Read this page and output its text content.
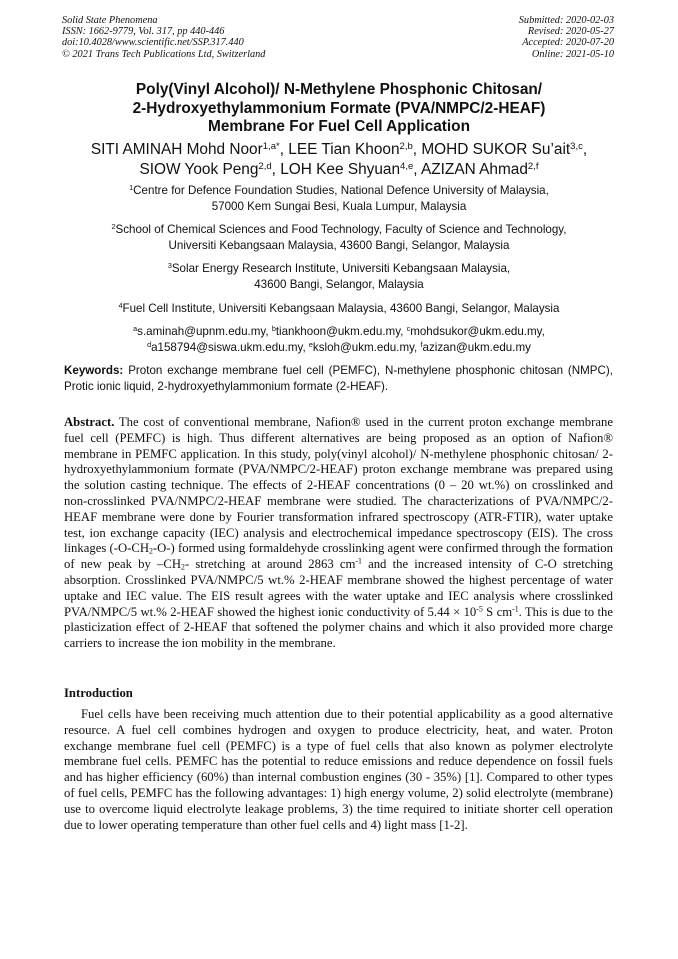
Solid State Phenomena
ISSN: 1662-9779, Vol. 317, pp 440-446
doi:10.4028/www.scientific.net/SSP.317.440
© 2021 Trans Tech Publications Ltd, Switzerland
Submitted: 2020-02-03
Revised: 2020-05-27
Accepted: 2020-07-20
Online: 2021-05-10
Poly(Vinyl Alcohol)/ N-Methylene Phosphonic Chitosan/
2-Hydroxyethylammonium Formate (PVA/NMPC/2-HEAF)
Membrane For Fuel Cell Application
SITI AMINAH Mohd Noor$^{1,a*}$, LEE Tian Khoon$^{2,b}$, MOHD SUKOR Su’ait$^{3,c}$,
SIOW Yook Peng$^{2,d}$, LOH Kee Shyuan$^{4,e}$, AZIZAN Ahmad$^{2,f}$
$^1$Centre for Defence Foundation Studies, National Defence University of Malaysia,
57000 Kem Sungai Besi, Kuala Lumpur, Malaysia
$^2$School of Chemical Sciences and Food Technology, Faculty of Science and Technology,
Universiti Kebangsaan Malaysia, 43600 Bangi, Selangor, Malaysia
$^3$Solar Energy Research Institute, Universiti Kebangsaan Malaysia,
43600 Bangi, Selangor, Malaysia
$^4$Fuel Cell Institute, Universiti Kebangsaan Malaysia, 43600 Bangi, Selangor, Malaysia
$^a$s.aminah@upnm.edu.my, $^b$tiankhoon@ukm.edu.my, $^c$mohdsukor@ukm.edu.my,
$^d$a158794@siswa.ukm.edu.my, $^e$ksloh@ukm.edu.my, $^f$azizan@ukm.edu.my
Keywords: Proton exchange membrane fuel cell (PEMFC), N-methylene phosphonic chitosan (NMPC), Protic ionic liquid, 2-hydroxyethylammonium formate (2-HEAF).
Abstract. The cost of conventional membrane, Nafion® used in the current proton exchange membrane fuel cell (PEMFC) is high. Thus different alternatives are being proposed as an option of Nafion® membrane in PEMFC application. In this study, poly(vinyl alcohol)/ N-methylene phosphonic chitosan/ 2-hydroxyethylammonium formate (PVA/NMPC/2-HEAF) proton exchange membrane was prepared using the solution casting technique. The effects of 2-HEAF concentrations (0 – 20 wt.%) on crosslinked and non-crosslinked PVA/NMPC/2-HEAF membrane were studied. The characterizations of PVA/NMPC/2-HEAF membrane were done by Fourier transformation infrared spectroscopy (ATR-FTIR), water uptake test, ion exchange capacity (IEC) analysis and electrochemical impedance spectroscopy (EIS). The cross linkages $(-O-CH_2-O-)$ formed using formaldehyde crosslinking agent were confirmed through the formation of new peak by $-CH_2-$ stretching at around 2863 $cm^{-1}$ and the increased intensity of C-O stretching absorption. Crosslinked PVA/NMPC/5 wt.% 2-HEAF membrane showed the highest percentage of water uptake and IEC value. The EIS result agrees with the water uptake and IEC analysis where crosslinked PVA/NMPC/5 wt.% 2-HEAF showed the highest ionic conductivity of $5.44 \times 10^{-5}$ S $cm^{-1}$. This is due to the plasticization effect of 2-HEAF that softened the polymer chains and which it also provided more charge carriers to increase the ion mobility in the membrane.
Introduction
Fuel cells have been receiving much attention due to their potential applicability as a good alternative resource. A fuel cell combines hydrogen and oxygen to produce electricity, heat, and water. Proton exchange membrane fuel cell (PEMFC) is a type of fuel cells that also known as polymer electrolyte membrane fuel cells. PEMFC has the potential to reduce emissions and reduce dependence on fossil fuels and has higher efficiency (60%) than internal combustion engines (30 - 35%) [1]. Compared to other types of fuel cells, PEMFC has the following advantages: 1) high energy volume, 2) solid electrolyte (membrane) use to overcome liquid electrolyte leakage problems, 3) the time required to initiate shorter cell operation due to lower operating temperature than other fuel cells and 4) light mass [1-2].
